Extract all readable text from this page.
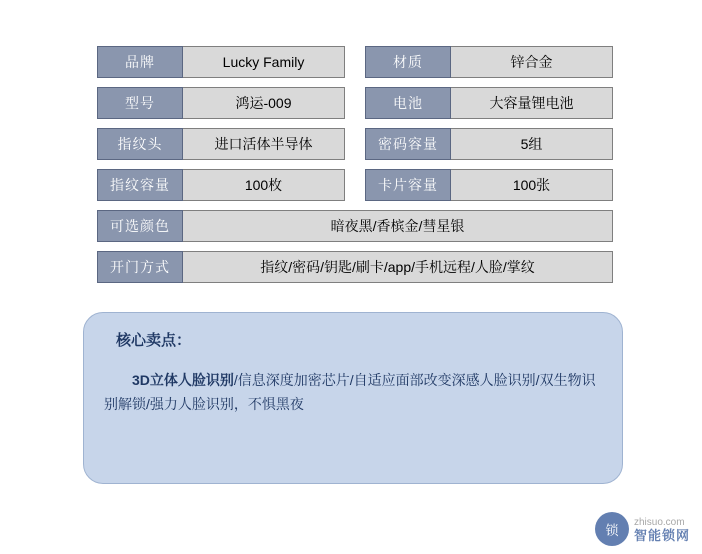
品牌	Lucky Family	材质	锌合金
型号	鸿运-009	电池	大容量锂电池
指纹头	进口活体半导体	密码容量	5组
指纹容量	100枚	卡片容量	100张
可选颜色	暗夜黑/香槟金/彗星银
开门方式	指纹/密码/钥匙/刷卡/app/手机远程/人脸/掌纹
核心卖点：

3D立体人脸识别/信息深度加密芯片/自适应面部改变深感人脸识别/双生物识别解锁/强力人脸识别，不惧黑夜

锁	zhisuo.com
智能锁网
